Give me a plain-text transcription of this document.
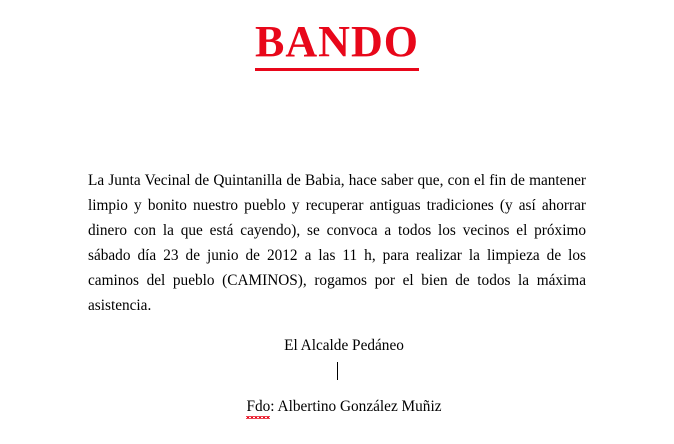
BANDO
La Junta Vecinal de Quintanilla de Babia, hace saber que, con el fin de mantener limpio y bonito nuestro pueblo y recuperar antiguas tradiciones (y así ahorrar dinero con la que está cayendo), se convoca a todos los vecinos el próximo sábado día 23 de junio de 2012 a las 11 h, para realizar la limpieza de los caminos del pueblo (CAMINOS), rogamos por el bien de todos la máxima asistencia.
El Alcalde Pedáneo
Fdo: Albertino González Muñiz
